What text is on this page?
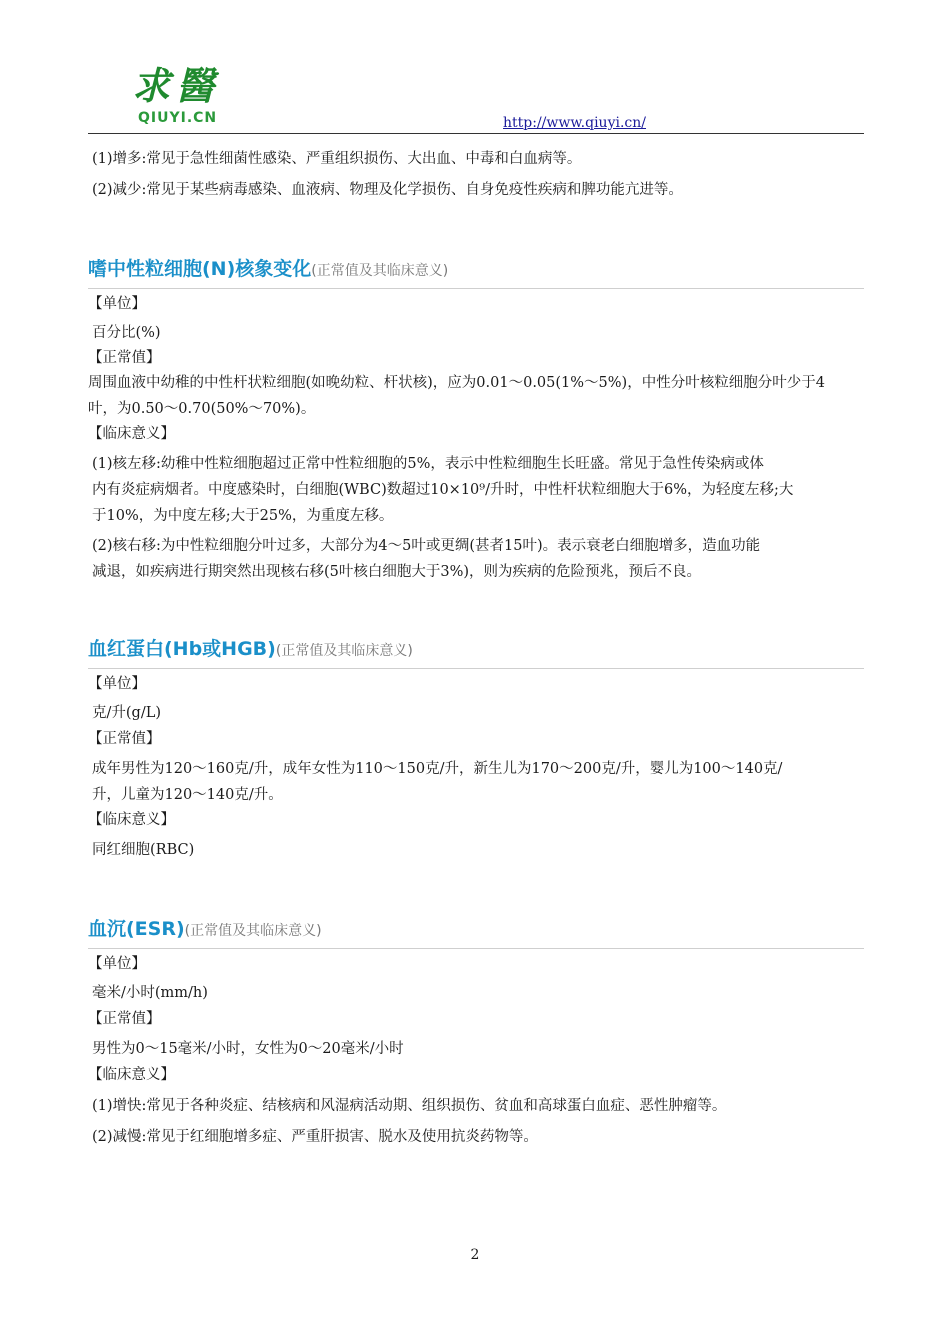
求醫
QIUYI.CN	http://www.qiuyi.cn/
(1)增多:常见于急性细菌性感染、严重组织损伤、大出血、中毒和白血病等。
(2)减少:常见于某些病毒感染、血液病、物理及化学损伤、自身免疫性疾病和脾功能亢进等。
嗜中性粒细胞(N)核象变化(正常值及其临床意义)
【单位】
百分比(%)
【正常值】
周围血液中幼稚的中性杆状粒细胞(如晚幼粒、杆状核)，应为0.01～0.05(1%～5%)，中性分叶核粒细胞分叶少于4
叶，为0.50～0.70(50%～70%)。
【临床意义】
(1)核左移:幼稚中性粒细胞超过正常中性粒细胞的5%，表示中性粒细胞生长旺盛。常见于急性传染病或体
内有炎症病烟者。中度感染时，白细胞(WBC)数超过10×10⁹/升时，中性杆状粒细胞大于6%，为轻度左移;大
于10%，为中度左移;大于25%，为重度左移。
(2)核右移:为中性粒细胞分叶过多，大部分为4～5叶或更绸(甚者15叶)。表示衰老白细胞增多，造血功能
减退，如疾病进行期突然出现核右移(5叶核白细胞大于3%)，则为疾病的危险预兆，预后不良。
血红蛋白(Hb或HGB)(正常值及其临床意义)
【单位】
克/升(g/L)
【正常值】
成年男性为120～160克/升，成年女性为110～150克/升，新生儿为170～200克/升，婴儿为100～140克/
升，儿童为120～140克/升。
【临床意义】
同红细胞(RBC)
血沉(ESR)(正常值及其临床意义)
【单位】
毫米/小时(mm/h)
【正常值】
男性为0～15毫米/小时，女性为0～20毫米/小时
【临床意义】
(1)增快:常见于各种炎症、结核病和风湿病活动期、组织损伤、贫血和高球蛋白血症、恶性肿瘤等。
(2)减慢:常见于红细胞增多症、严重肝损害、脱水及使用抗炎药物等。
2
